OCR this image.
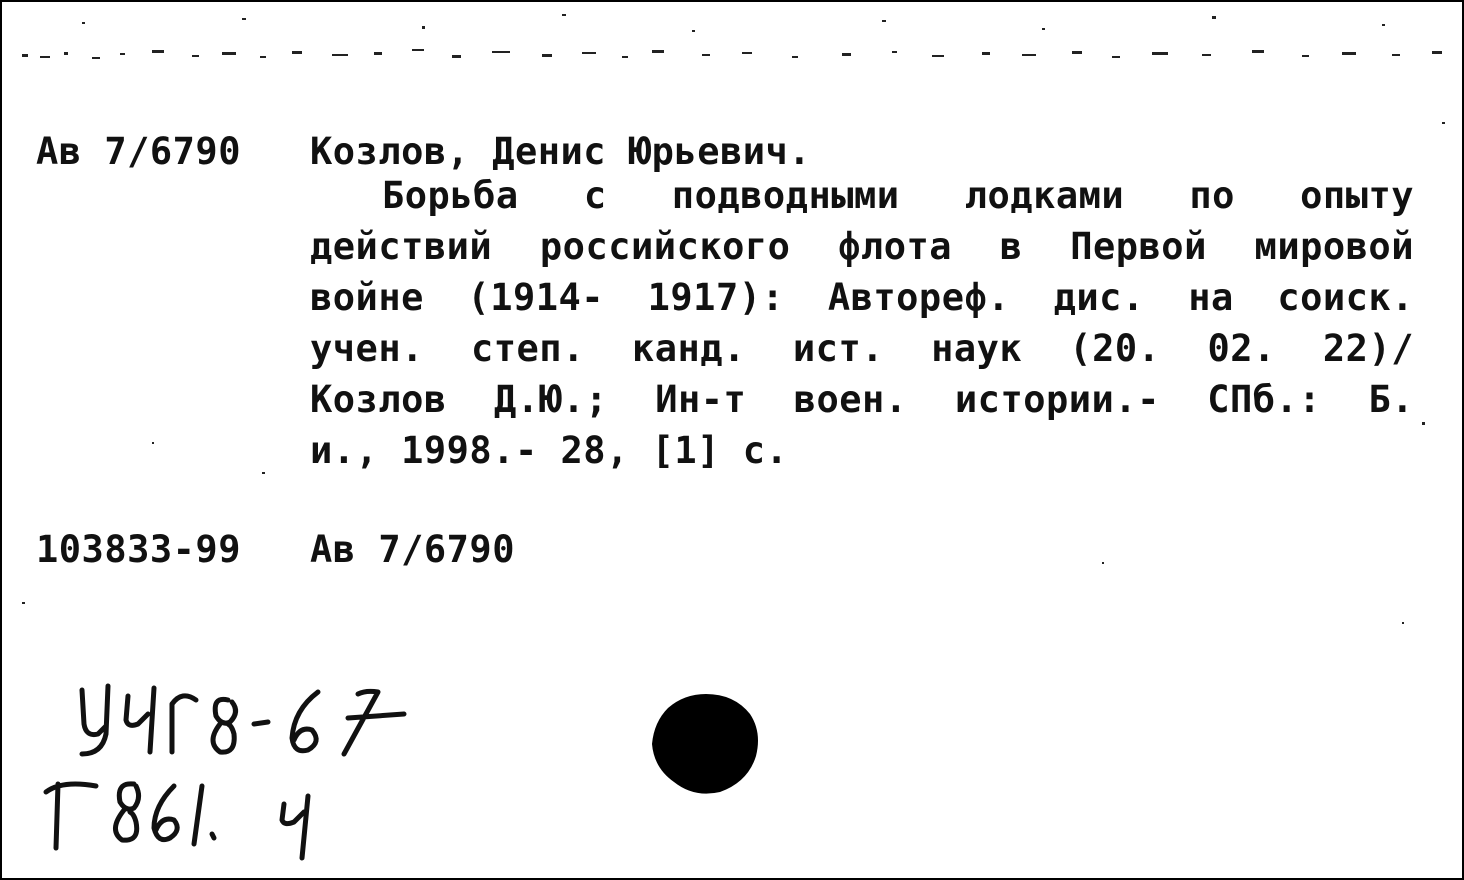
Ав 7/6790 Козлов, Денис Юрьевич.
Борьба с подводными лодками по опыту
действий российского флота в Первой мировой
войне (1914- 1917): Автореф. дис. на соиск.
учен. степ. канд. ист. наук (20. 02. 22)/
Козлов Д.Ю.; Ин-т воен. истории.- СПб.: Б.
и., 1998.- 28, [1] с.
103833-99 Ав 7/6790
